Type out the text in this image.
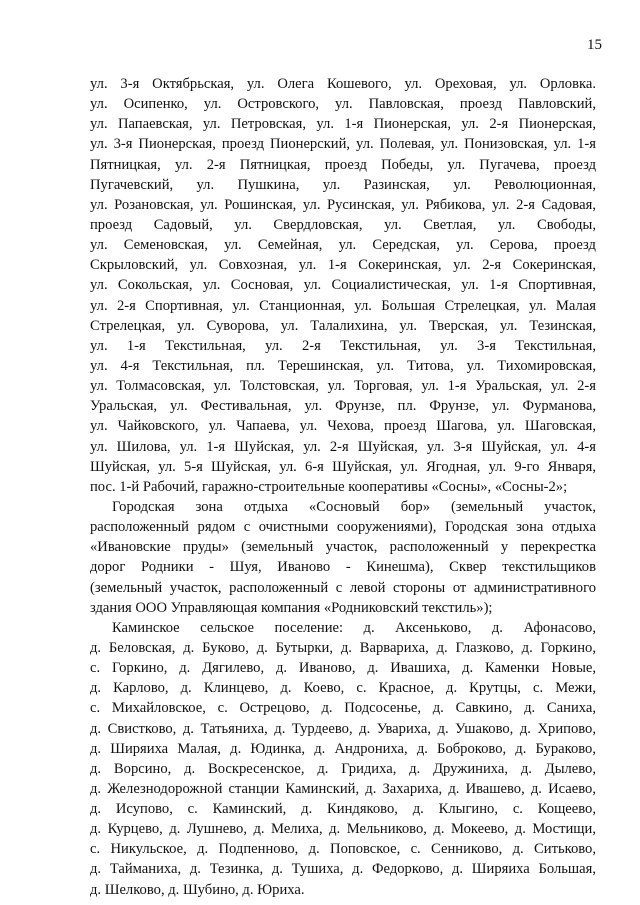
15
ул. 3-я Октябрьская, ул. Олега Кошевого, ул. Ореховая, ул. Орловка.
ул. Осипенко, ул. Островского, ул. Павловская, проезд Павловский,
ул. Папаевская, ул. Петровская, ул. 1-я Пионерская, ул. 2-я Пионерская,
ул. 3-я Пионерская, проезд Пионерский, ул. Полевая, ул. Понизовская, ул. 1-я
Пятницкая, ул. 2-я Пятницкая, проезд Победы, ул. Пугачева, проезд
Пугачевский, ул. Пушкина, ул. Разинская, ул. Революционная,
ул. Розановская, ул. Рошинская, ул. Русинская, ул. Рябикова, ул. 2-я Садовая,
проезд Садовый, ул. Свердловская, ул. Светлая, ул. Свободы,
ул. Семеновская, ул. Семейная, ул. Середская, ул. Серова, проезд
Скрыловский, ул. Совхозная, ул. 1-я Сокеринская, ул. 2-я Сокеринская,
ул. Сокольская, ул. Сосновая, ул. Социалистическая, ул. 1-я Спортивная,
ул. 2-я Спортивная, ул. Станционная, ул. Большая Стрелецкая, ул. Малая
Стрелецкая, ул. Суворова, ул. Талалихина, ул. Тверская, ул. Тезинская,
ул. 1-я Текстильная, ул. 2-я Текстильная, ул. 3-я Текстильная,
ул. 4-я Текстильная, пл. Терешинская, ул. Титова, ул. Тихомировская,
ул. Толмасовская, ул. Толстовская, ул. Торговая, ул. 1-я Уральская, ул. 2-я
Уральская, ул. Фестивальная, ул. Фрунзе, пл. Фрунзе, ул. Фурманова,
ул. Чайковского, ул. Чапаева, ул. Чехова, проезд Шагова, ул. Шаговская,
ул. Шилова, ул. 1-я Шуйская, ул. 2-я Шуйская, ул. 3-я Шуйская, ул. 4-я
Шуйская, ул. 5-я Шуйская, ул. 6-я Шуйская, ул. Ягодная, ул. 9-го Января,
пос. 1-й Рабочий, гаражно-строительные кооперативы «Сосны», «Сосны-2»;
Городская зона отдыха «Сосновый бор» (земельный участок,
расположенный рядом с очистными сооружениями), Городская зона отдыха
«Ивановские пруды» (земельный участок, расположенный у перекрестка
дорог Родники - Шуя, Иваново - Кинешма), Сквер текстильщиков
(земельный участок, расположенный с левой стороны от административного
здания ООО Управляющая компания «Родниковский текстиль»);
Каминское сельское поселение: д. Аксеньково, д. Афонасово,
д. Беловская, д. Буково, д. Бутырки, д. Варвариха, д. Глазково, д. Горкино,
с. Горкино, д. Дягилево, д. Иваново, д. Ивашиха, д. Каменки Новые,
д. Карлово, д. Клинцево, д. Коево, с. Красное, д. Крутцы, с. Межи,
с. Михайловское, с. Острецово, д. Подсосенье, д. Савкино, д. Саниха,
д. Свистково, д. Татьяниха, д. Турдеево, д. Увариха, д. Ушаково, д. Хрипово,
д. Ширяиха Малая, д. Юдинка, д. Андрониха, д. Боброково, д. Бураково,
д. Ворсино, д. Воскресенское, д. Гридиха, д. Дружиниха, д. Дылево,
д. Железнодорожной станции Каминский, д. Захариха, д. Ивашево, д. Исаево,
д. Исупово, с. Каминский, д. Киндяково, д. Клыгино, с. Кощеево,
д. Курцево, д. Лушнево, д. Мелиха, д. Мельниково, д. Мокеево, д. Мостищи,
с. Никульское, д. Подпенново, д. Поповское, с. Сенниково, д. Ситьково,
д. Тайманиха, д. Тезинка, д. Тушиха, д. Федорково, д. Ширяиха Большая,
д. Шелково, д. Шубино, д. Юриха.
